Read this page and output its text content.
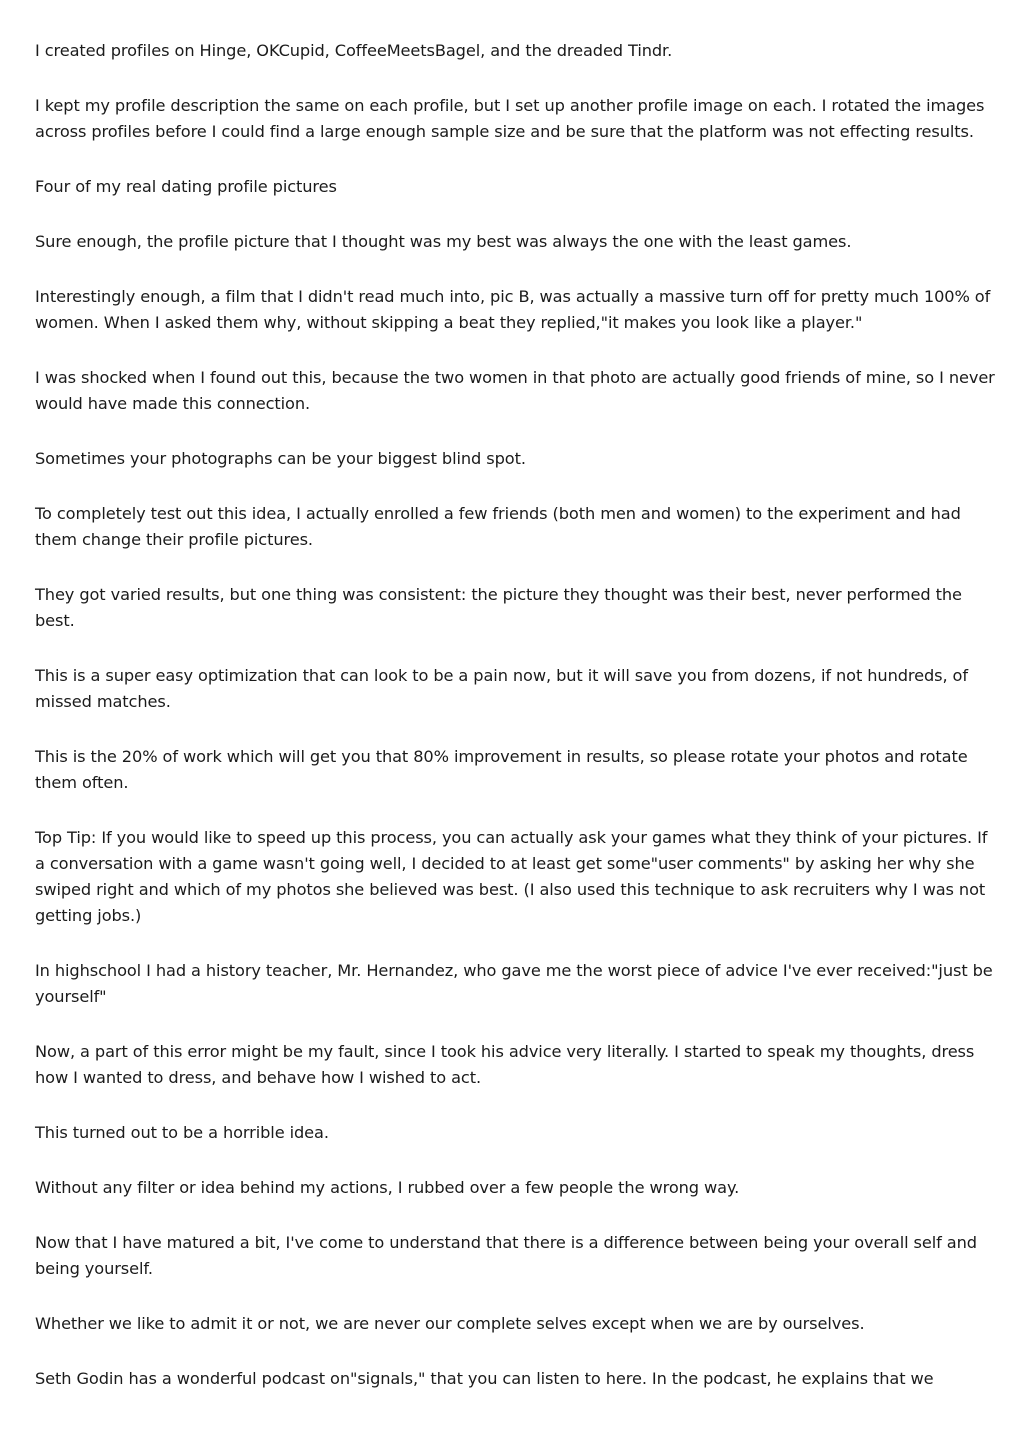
I created profiles on Hinge, OKCupid, CoffeeMeetsBagel, and the dreaded Tindr.

I kept my profile description the same on each profile, but I set up another profile image on each. I rotated the images across profiles before I could find a large enough sample size and be sure that the platform was not effecting results.

Four of my real dating profile pictures

Sure enough, the profile picture that I thought was my best was always the one with the least games.

Interestingly enough, a film that I didn't read much into, pic B, was actually a massive turn off for pretty much 100% of women. When I asked them why, without skipping a beat they replied,"it makes you look like a player."

I was shocked when I found out this, because the two women in that photo are actually good friends of mine, so I never would have made this connection.

Sometimes your photographs can be your biggest blind spot.

To completely test out this idea, I actually enrolled a few friends (both men and women) to the experiment and had them change their profile pictures.

They got varied results, but one thing was consistent: the picture they thought was their best, never performed the best.

This is a super easy optimization that can look to be a pain now, but it will save you from dozens, if not hundreds, of missed matches.

This is the 20% of work which will get you that 80% improvement in results, so please rotate your photos and rotate them often.

Top Tip: If you would like to speed up this process, you can actually ask your games what they think of your pictures. If a conversation with a game wasn't going well, I decided to at least get some"user comments" by asking her why she swiped right and which of my photos she believed was best. (I also used this technique to ask recruiters why I was not getting jobs.)

In highschool I had a history teacher, Mr. Hernandez, who gave me the worst piece of advice I've ever received:"just be yourself"

Now, a part of this error might be my fault, since I took his advice very literally. I started to speak my thoughts, dress how I wanted to dress, and behave how I wished to act.

This turned out to be a horrible idea.

Without any filter or idea behind my actions, I rubbed over a few people the wrong way.

Now that I have matured a bit, I've come to understand that there is a difference between being your overall self and being yourself.

Whether we like to admit it or not, we are never our complete selves except when we are by ourselves.

Seth Godin has a wonderful podcast on"signals," that you can listen to here. In the podcast, he explains that we
